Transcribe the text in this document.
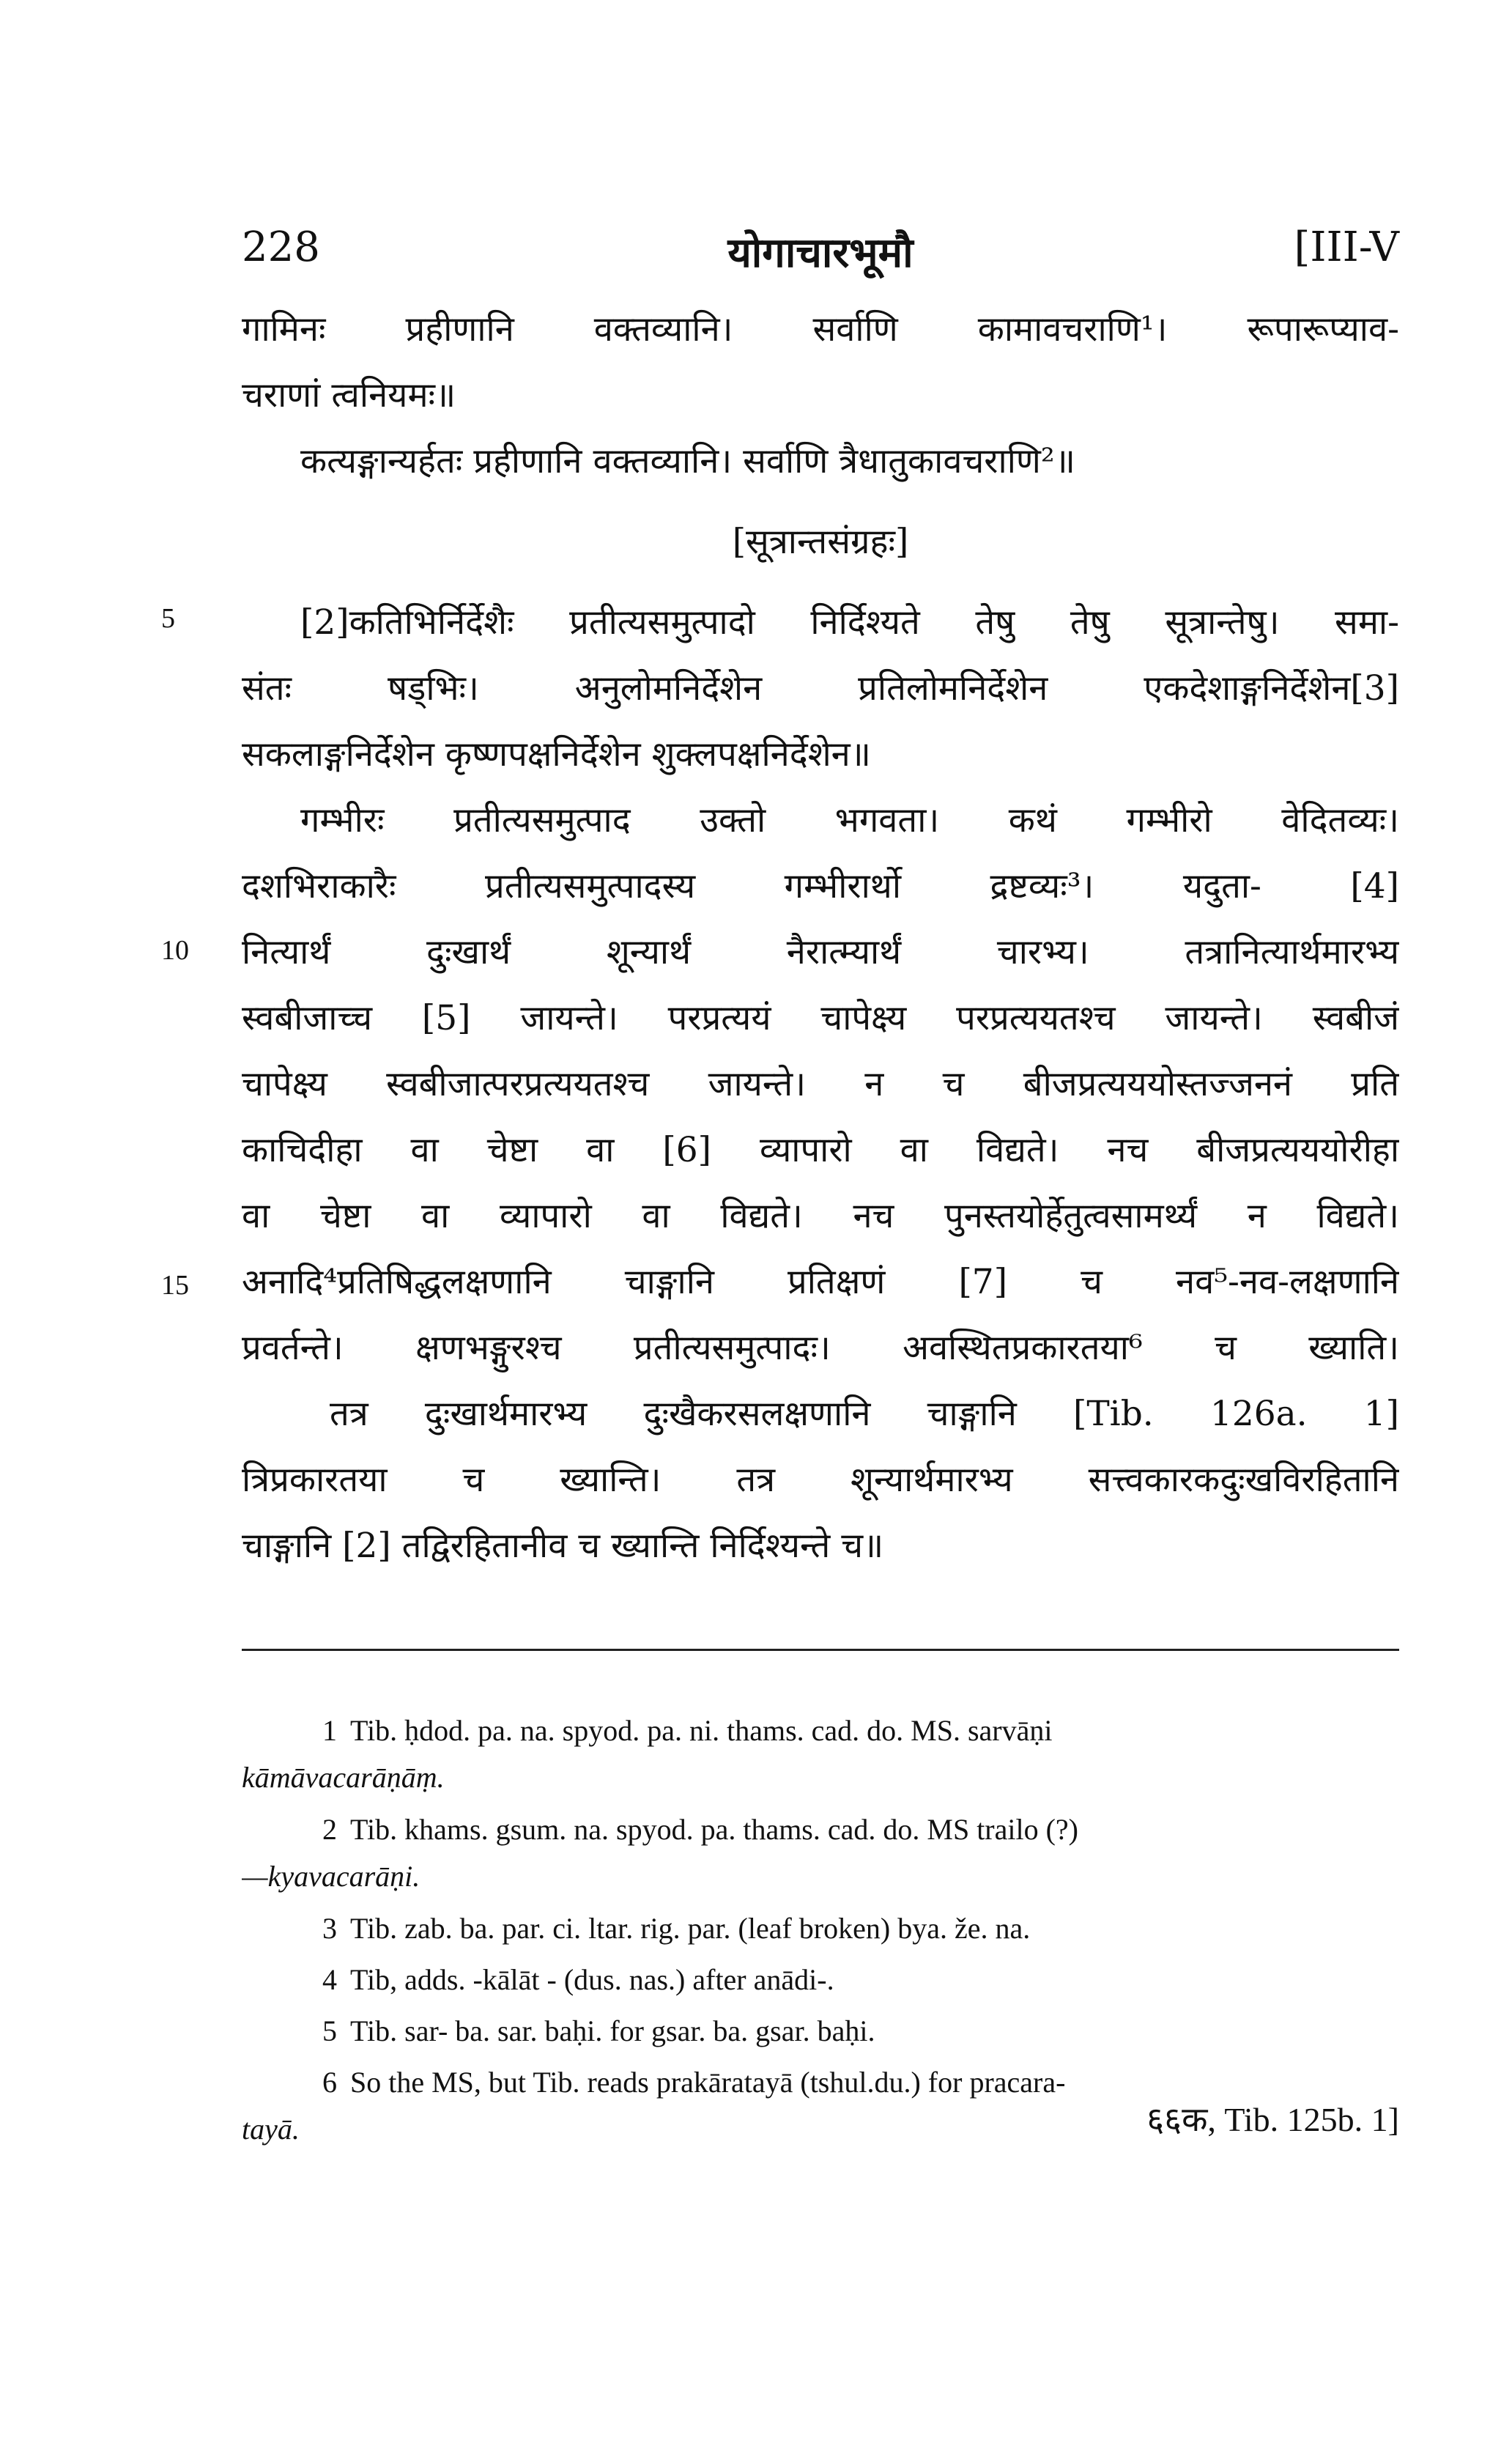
228	योगाचारभूमौ	[III-V
5
10
15
गामिनः प्रहीणानि वक्तव्यानि। सर्वाणि कामावचराणि¹। रूपारूप्याव-
चराणां त्वनियमः॥
कत्यङ्गान्यर्हतः प्रहीणानि वक्तव्यानि। सर्वाणि त्रैधातुकावचराणि²॥
[सूत्रान्तसंग्रहः]
[2]कतिभिर्निर्देशैः प्रतीत्यसमुत्पादो निर्दिश्यते तेषु तेषु सूत्रान्तेषु। समा-
संतः षड्भिः। अनुलोमनिर्देशेन प्रतिलोमनिर्देशेन एकदेशाङ्गनिर्देशेन[3]
सकलाङ्गनिर्देशेन कृष्णपक्षनिर्देशेन शुक्लपक्षनिर्देशेन॥
गम्भीरः प्रतीत्यसमुत्पाद उक्तो भगवता। कथं गम्भीरो वेदितव्यः।
दशभिराकारैः प्रतीत्यसमुत्पादस्य गम्भीरार्थो द्रष्टव्यः³। यदुता- [4]
नित्यार्थं दुःखार्थं शून्यार्थं नैरात्म्यार्थं चारभ्य। तत्रानित्यार्थमारभ्य
स्वबीजाच्च [5] जायन्ते। परप्रत्ययं चापेक्ष्य परप्रत्ययतश्च जायन्ते। स्वबीजं
चापेक्ष्य स्वबीजात्परप्रत्ययतश्च जायन्ते। न च बीजप्रत्यययोस्तज्जननं प्रति
काचिदीहा वा चेष्टा वा [6] व्यापारो वा विद्यते। नच बीजप्रत्यययोरीहा
वा चेष्टा वा व्यापारो वा विद्यते। नच पुनस्तयोर्हेतुत्वसामर्थ्यं न विद्यते।
अनादि⁴प्रतिषिद्धलक्षणानि चाङ्गानि प्रतिक्षणं [7] च नव⁵-नव-लक्षणानि
प्रवर्तन्ते। क्षणभङ्गुरश्च प्रतीत्यसमुत्पादः। अवस्थितप्रकारतया⁶ च ख्याति।
तत्र दुःखार्थमारभ्य दुःखैकरसलक्षणानि चाङ्गानि [Tib. 126a. 1]
त्रिप्रकारतया च ख्यान्ति। तत्र शून्यार्थमारभ्य सत्त्वकारकदुःखविरहितानि
चाङ्गानि [2] तद्विरहितानीव च ख्यान्ति निर्दिश्यन्ते च॥
1 Tib. ḥdod. pa. na. spyod. pa. ni. thams. cad. do. MS. sarvāṇi
kāmāvacarāṇāṃ.
2 Tib. khams. gsum. na. spyod. pa. thams. cad. do. MS trailo (?)
—kyavacarāṇi.
3 Tib. zab. ba. par. ci. ltar. rig. par. (leaf broken) bya. že. na.
4 Tib, adds. -kālāt - (dus. nas.) after anādi-.
5 Tib. sar- ba. sar. baḥi. for gsar. ba. gsar. baḥi.
6 So the MS, but Tib. reads prakāratayā (tshul.du.) for pracara-
tayā.	६६क, Tib. 125b. 1]
